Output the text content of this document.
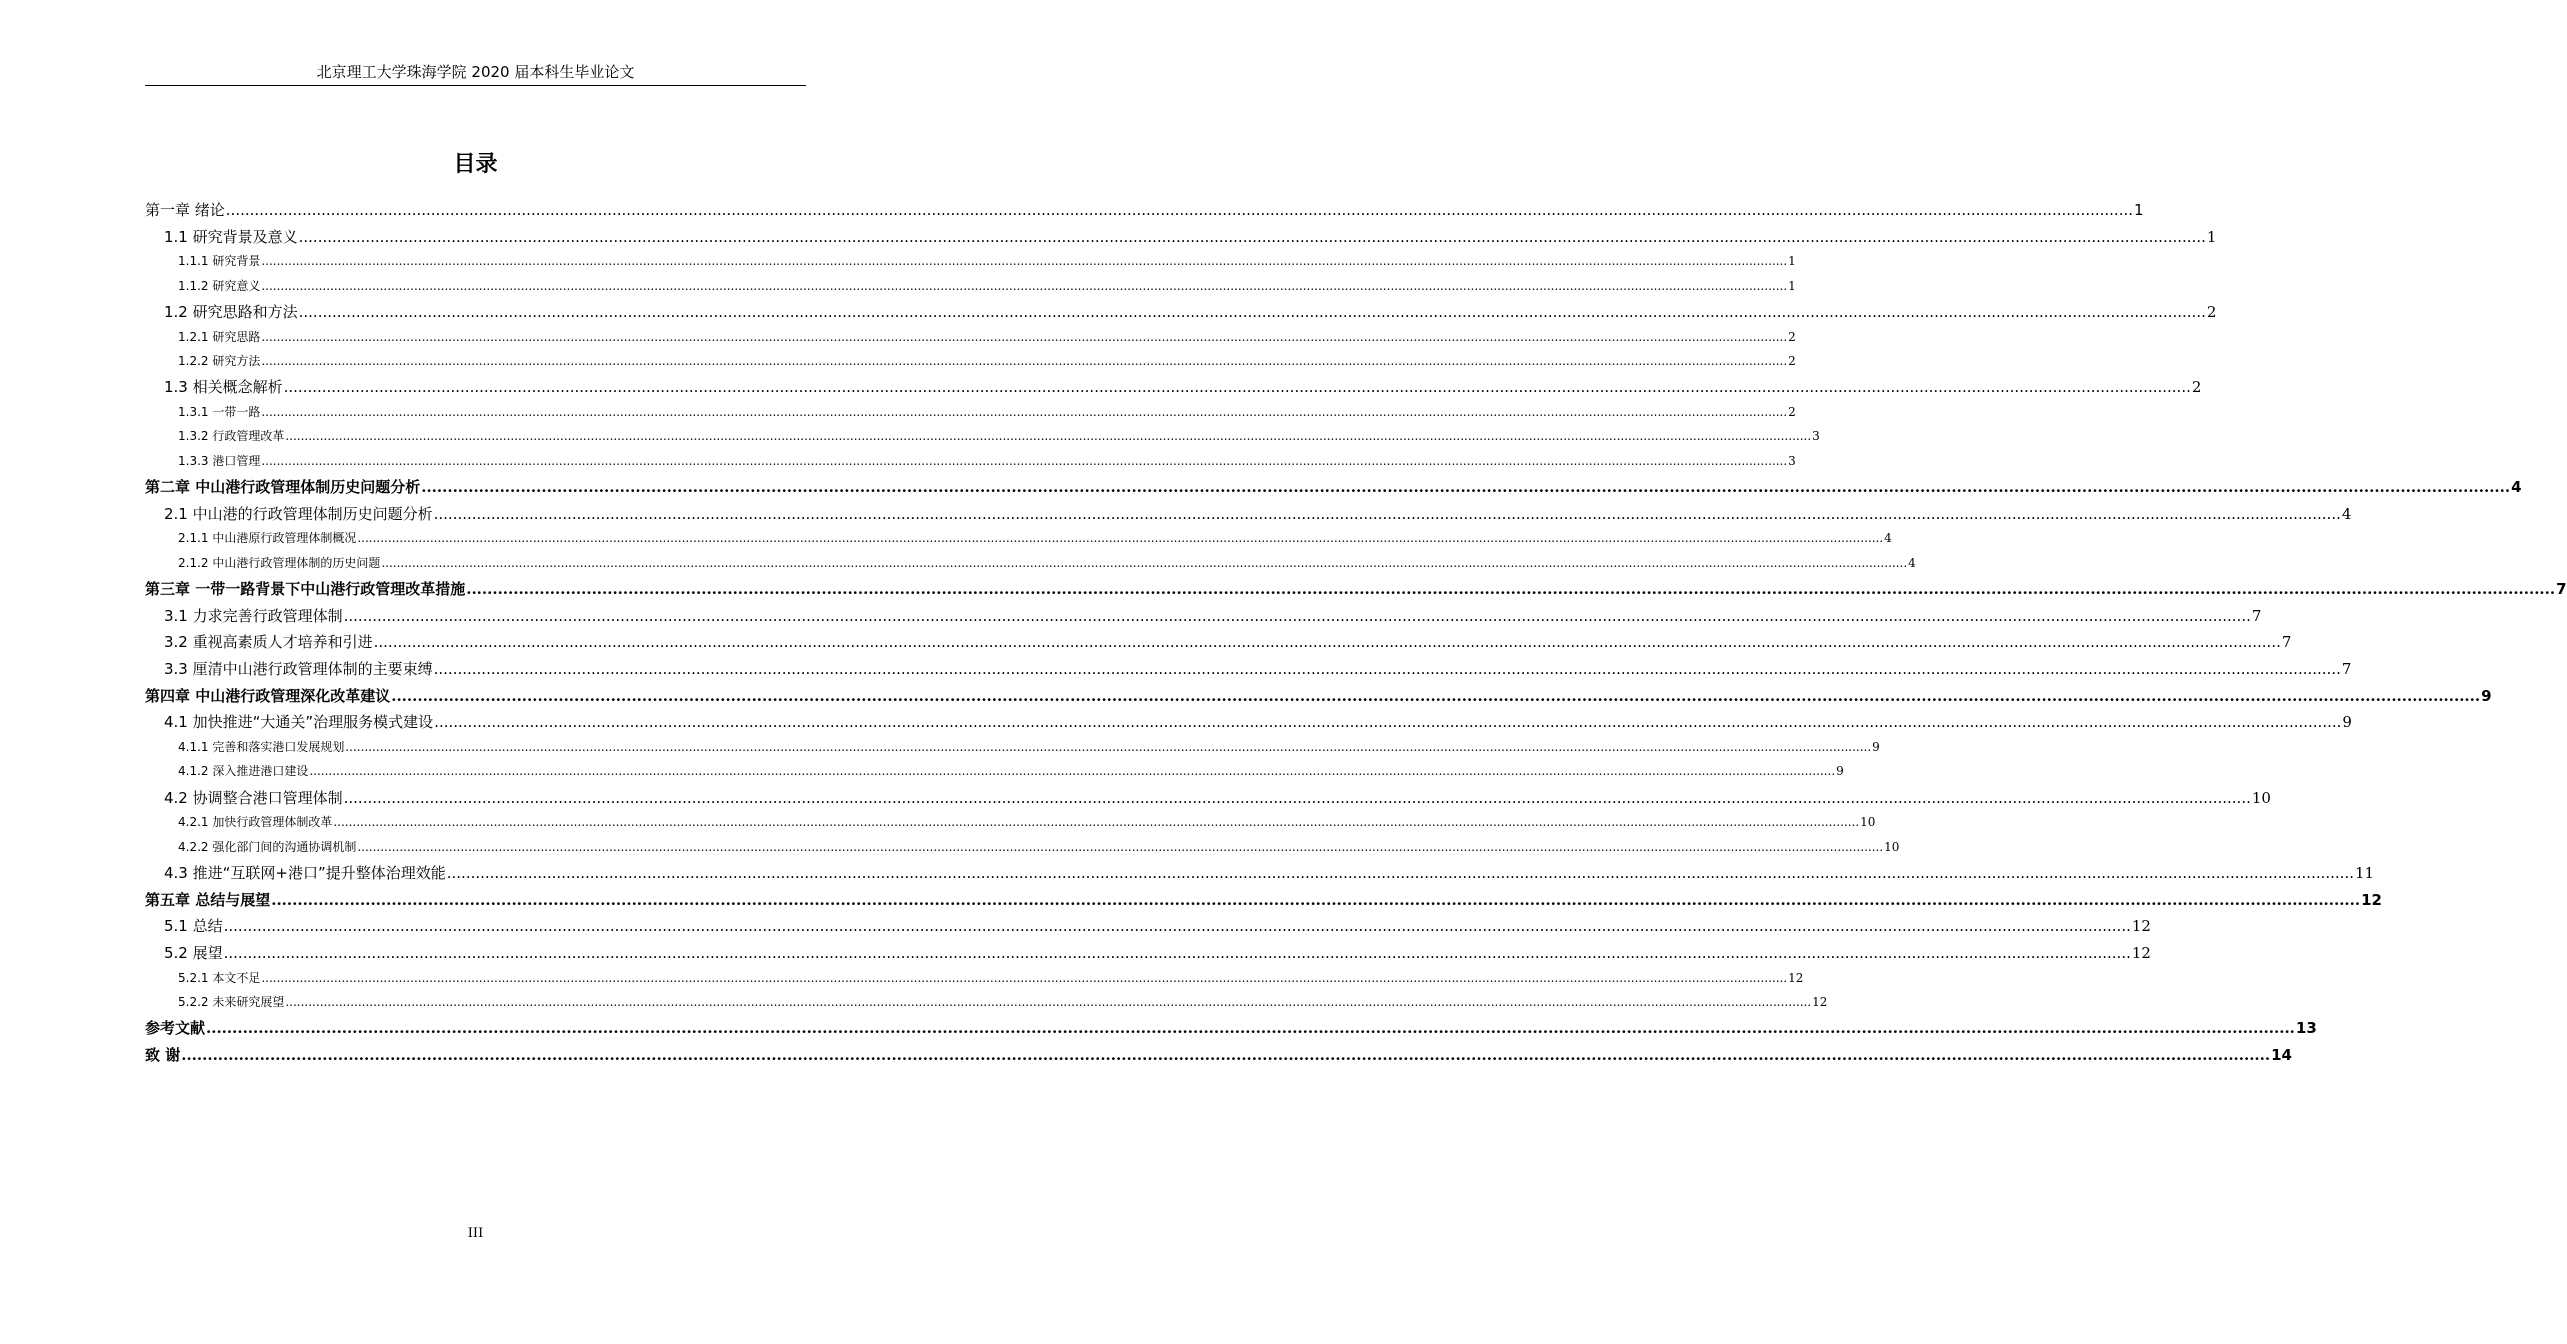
北京理工大学珠海学院 2020 届本科生毕业论文
目录
第一章 绪论 ................................................................................................................................................................................................................................................................................................................................................................................................................ 1
1.1 研究背景及意义 ................................................................................................................................................................................................................................................................................................................................................................................................................ 1
1.1.1 研究背景 ................................................................................................................................................................................................................................................................................................................................................................................................................ 1
1.1.2 研究意义 ................................................................................................................................................................................................................................................................................................................................................................................................................ 1
1.2 研究思路和方法 ................................................................................................................................................................................................................................................................................................................................................................................................................ 2
1.2.1 研究思路 ................................................................................................................................................................................................................................................................................................................................................................................................................ 2
1.2.2 研究方法 ................................................................................................................................................................................................................................................................................................................................................................................................................ 2
1.3 相关概念解析 ................................................................................................................................................................................................................................................................................................................................................................................................................ 2
1.3.1 一带一路 ................................................................................................................................................................................................................................................................................................................................................................................................................ 2
1.3.2 行政管理改革 ................................................................................................................................................................................................................................................................................................................................................................................................................ 3
1.3.3 港口管理 ................................................................................................................................................................................................................................................................................................................................................................................................................ 3
第二章 中山港行政管理体制历史问题分析 ................................................................................................................................................................................................................................................................................................................................................................................................................ 4
2.1 中山港的行政管理体制历史问题分析 ................................................................................................................................................................................................................................................................................................................................................................................................................ 4
2.1.1 中山港原行政管理体制概况 ................................................................................................................................................................................................................................................................................................................................................................................................................ 4
2.1.2 中山港行政管理体制的历史问题 ................................................................................................................................................................................................................................................................................................................................................................................................................ 4
第三章 一带一路背景下中山港行政管理改革措施 ................................................................................................................................................................................................................................................................................................................................................................................................................ 7
3.1 力求完善行政管理体制 ................................................................................................................................................................................................................................................................................................................................................................................................................ 7
3.2 重视高素质人才培养和引进 ................................................................................................................................................................................................................................................................................................................................................................................................................ 7
3.3 厘清中山港行政管理体制的主要束缚 ................................................................................................................................................................................................................................................................................................................................................................................................................ 7
第四章 中山港行政管理深化改革建议 ................................................................................................................................................................................................................................................................................................................................................................................................................ 9
4.1 加快推进“大通关”治理服务模式建设 ................................................................................................................................................................................................................................................................................................................................................................................................................ 9
4.1.1 完善和落实港口发展规划 ................................................................................................................................................................................................................................................................................................................................................................................................................ 9
4.1.2 深入推进港口建设 ................................................................................................................................................................................................................................................................................................................................................................................................................ 9
4.2 协调整合港口管理体制 ................................................................................................................................................................................................................................................................................................................................................................................................................ 10
4.2.1 加快行政管理体制改革 ................................................................................................................................................................................................................................................................................................................................................................................................................ 10
4.2.2 强化部门间的沟通协调机制 ................................................................................................................................................................................................................................................................................................................................................................................................................ 10
4.3 推进“互联网+港口”提升整体治理效能 ................................................................................................................................................................................................................................................................................................................................................................................................................ 11
第五章 总结与展望 ................................................................................................................................................................................................................................................................................................................................................................................................................ 12
5.1 总结 ................................................................................................................................................................................................................................................................................................................................................................................................................ 12
5.2 展望 ................................................................................................................................................................................................................................................................................................................................................................................................................ 12
5.2.1 本文不足 ................................................................................................................................................................................................................................................................................................................................................................................................................ 12
5.2.2 未来研究展望 ................................................................................................................................................................................................................................................................................................................................................................................................................ 12
参考文献 ................................................................................................................................................................................................................................................................................................................................................................................................................ 13
致 谢 ................................................................................................................................................................................................................................................................................................................................................................................................................ 14
III
